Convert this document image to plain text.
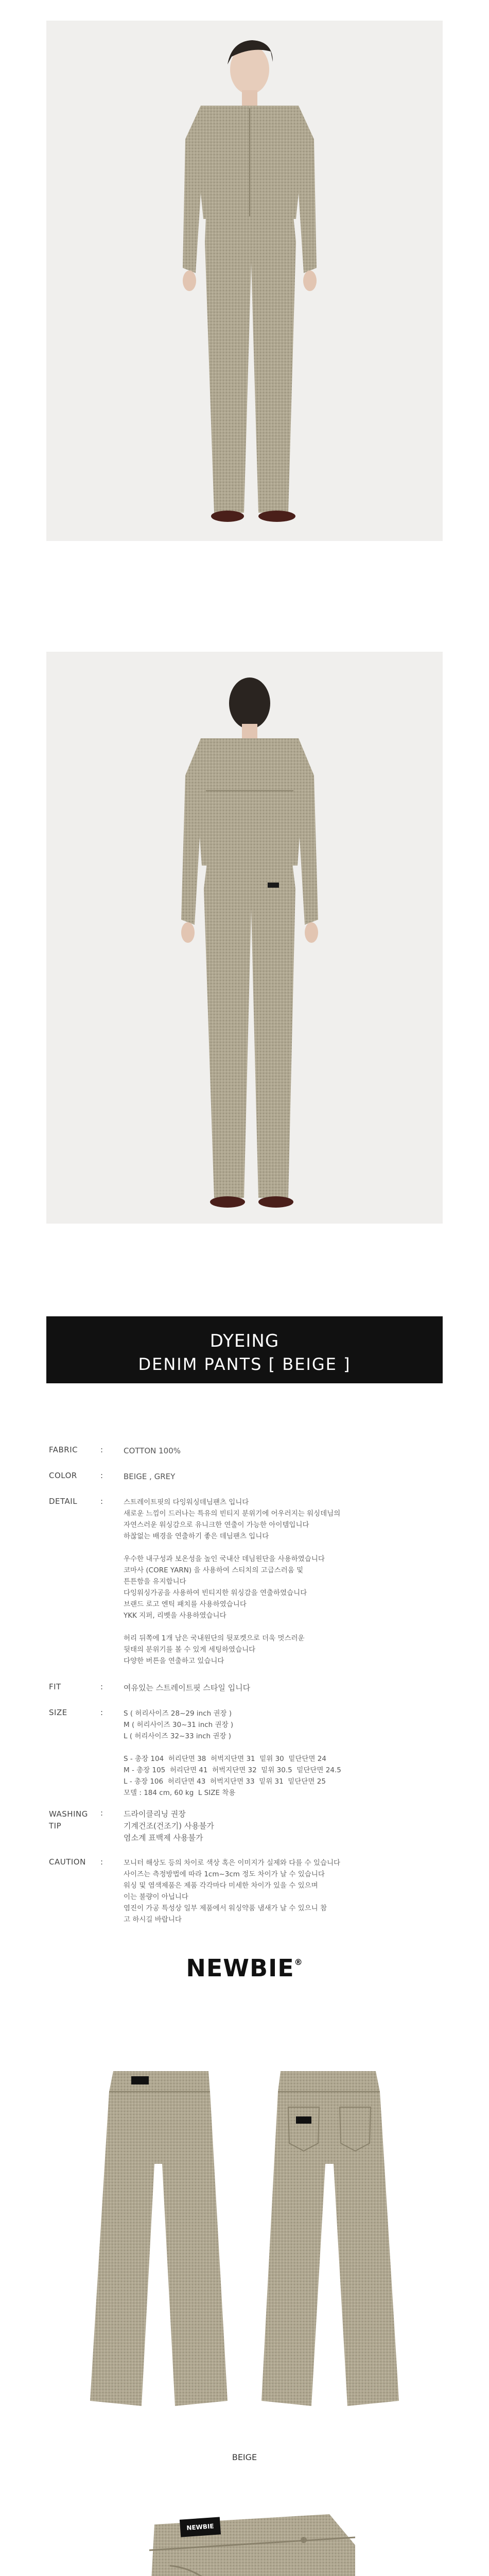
DYEING
DENIM PANTS [ BEIGE ]
FABRIC	:	COTTON 100%
COLOR	:	BEIGE , GREY
DETAIL	:	스트레이트핏의 다잉워싱데님팬츠 입니다
새로운 느낌이 드러나는 특유의 빈티지 분위기에 어우러지는 워싱데님의
자연스러운 워싱감으로 유니크한 연출이 가능한 아이템입니다
하찮없는 배경을 연출하기 좋은 데님팬츠 입니다

우수한 내구성과 보온성을 높인 국내산 데님원단을 사용하였습니다
코마사 (CORE YARN) 을 사용하여 스티치의 고급스러움 및
튼튼함을 유지합니다
다잉워싱가공을 사용하여 빈티지한 워싱감을 연출하였습니다
브랜드 로고 엔틱 패치를 사용하였습니다
YKK 지퍼, 리벳을 사용하였습니다

허리 뒤쪽에 1개 남은 국내원단의 뒷포켓으로 더욱 멋스러운
뒷태의 분위기를 볼 수 있게 세팅하였습니다
다양한 버튼을 연출하고 있습니다
FIT	:	여유있는 스트레이트핏 스타일 입니다
SIZE	:	S ( 허리사이즈 28~29 inch 권장 )
M ( 허리사이즈 30~31 inch 권장 )
L ( 허리사이즈 32~33 inch 권장 )

S - 총장 104  허리단면 38  허벅지단면 31  밑위 30  밑단단면 24
M - 총장 105  허리단면 41  허벅지단면 32  밑위 30.5  밑단단면 24.5
L - 총장 106  허리단면 43  허벅지단면 33  밑위 31  밑단단면 25
모델 : 184 cm, 60 kg  L SIZE 착용
WASHING
TIP
:	드라이클리닝 권장
기계건조(건조기) 사용불가
염소계 표백제 사용불가
CAUTION :	모니터 해상도 등의 차이로 색상 혹은 이미지가 실제와 다를 수 있습니다
사이즈는 측정방법에 따라 1cm~3cm 정도 차이가 날 수 있습니다
워싱 및 염색제품은 제품 각각마다 미세한 차이가 있을 수 있으며
이는 불량이 아닙니다
염진이 가공 특성상 일부 제품에서 워싱약품 냄새가 날 수 있으니 참
고 하시길 바랍니다
NEWBIE®
BEIGE
NEWBIE
